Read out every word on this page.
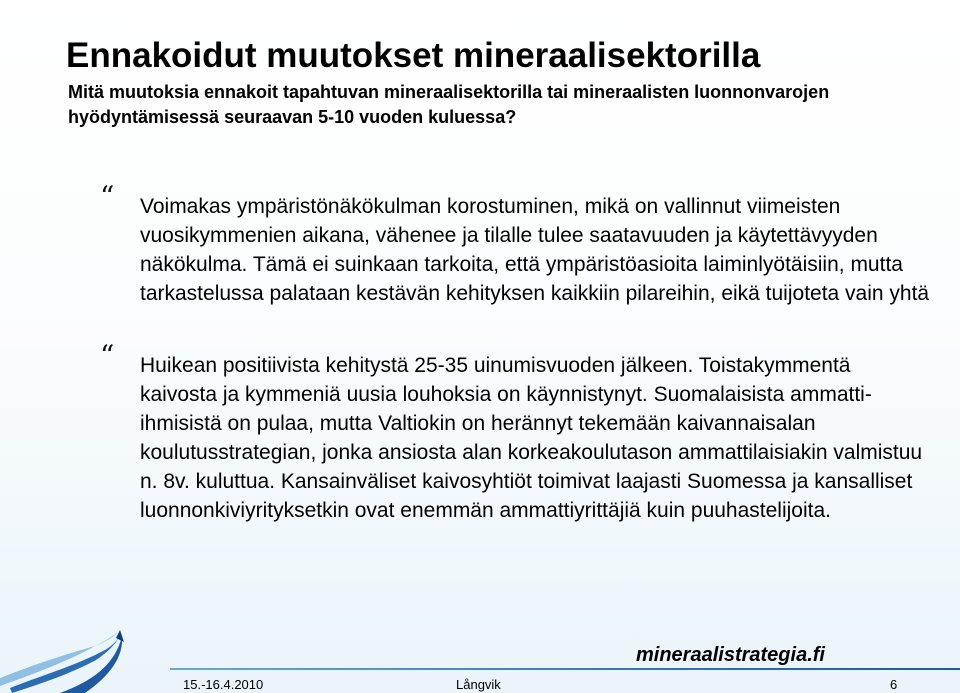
Ennakoidut muutokset mineraalisektorilla
Mitä muutoksia ennakoit tapahtuvan mineraalisektorilla tai mineraalisten luonnonvarojen hyödyntämisessä seuraavan 5-10 vuoden kuluessa?
“ Voimakas ympäristönäkökulman korostuminen, mikä on vallinnut viimeisten vuosikymmenien aikana, vähenee ja tilalle tulee saatavuuden ja käytettävyyden näkökulma. Tämä ei suinkaan tarkoita, että ympäristöasioita laiminlyötäisiin, mutta tarkastelussa palataan kestävän kehityksen kaikkiin pilareihin, eikä tuijoteta vain yhtä
“ Huikean positiivista kehitystä 25-35 uinumisvuoden jälkeen. Toistakymmentä kaivosta ja kymmeniä uusia louhoksia on käynnistynyt. Suomalaisista ammatti-ihmisistä on pulaa, mutta Valtiokin on herännyt tekemään kaivannaisalan koulutusstrategian, jonka ansiosta alan korkeakoulutason ammattilaisiakin valmistuu n. 8v. kuluttua. Kansainväliset kaivosyhtiöt toimivat laajasti Suomessa ja kansalliset luonnonkiviyrityksetkin ovat enemmän ammattiyrittäjiä kuin puuhastelijoita.
mineraalistrategia.fi
15.-16.4.2010	Långvik	6
